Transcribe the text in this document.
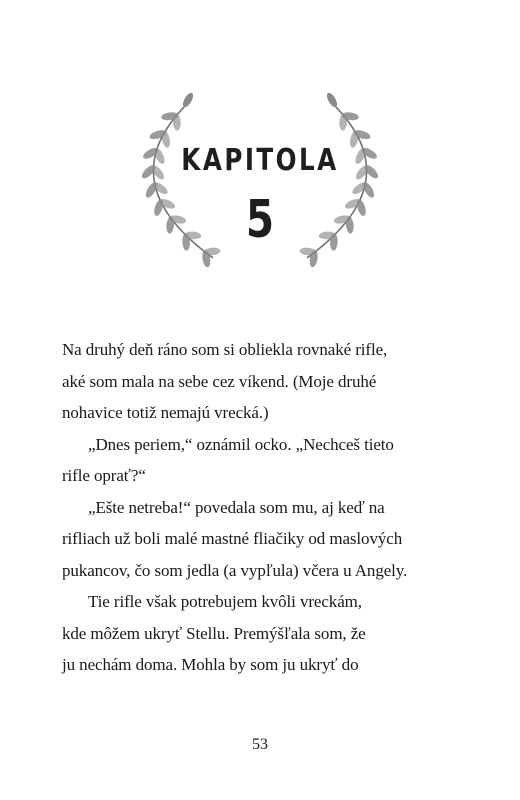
KAPITOLA
5
Na druhý deň ráno som si obliekla rovnaké rifle,
aké som mala na sebe cez víkend. (Moje druhé
nohavice totiž nemajú vrecká.)
„Dnes periem,“ oznámil ocko. „Nechceš tieto
rifle oprať?“
„Ešte netreba!“ povedala som mu, aj keď na
rifliach už boli malé mastné fliačiky od maslových
pukancov, čo som jedla (a vypľula) včera u Angely.
Tie rifle však potrebujem kvôli vreckám,
kde môžem ukryť Stellu. Premýšľala som, že
ju nechám doma. Mohla by som ju ukryť do
53
